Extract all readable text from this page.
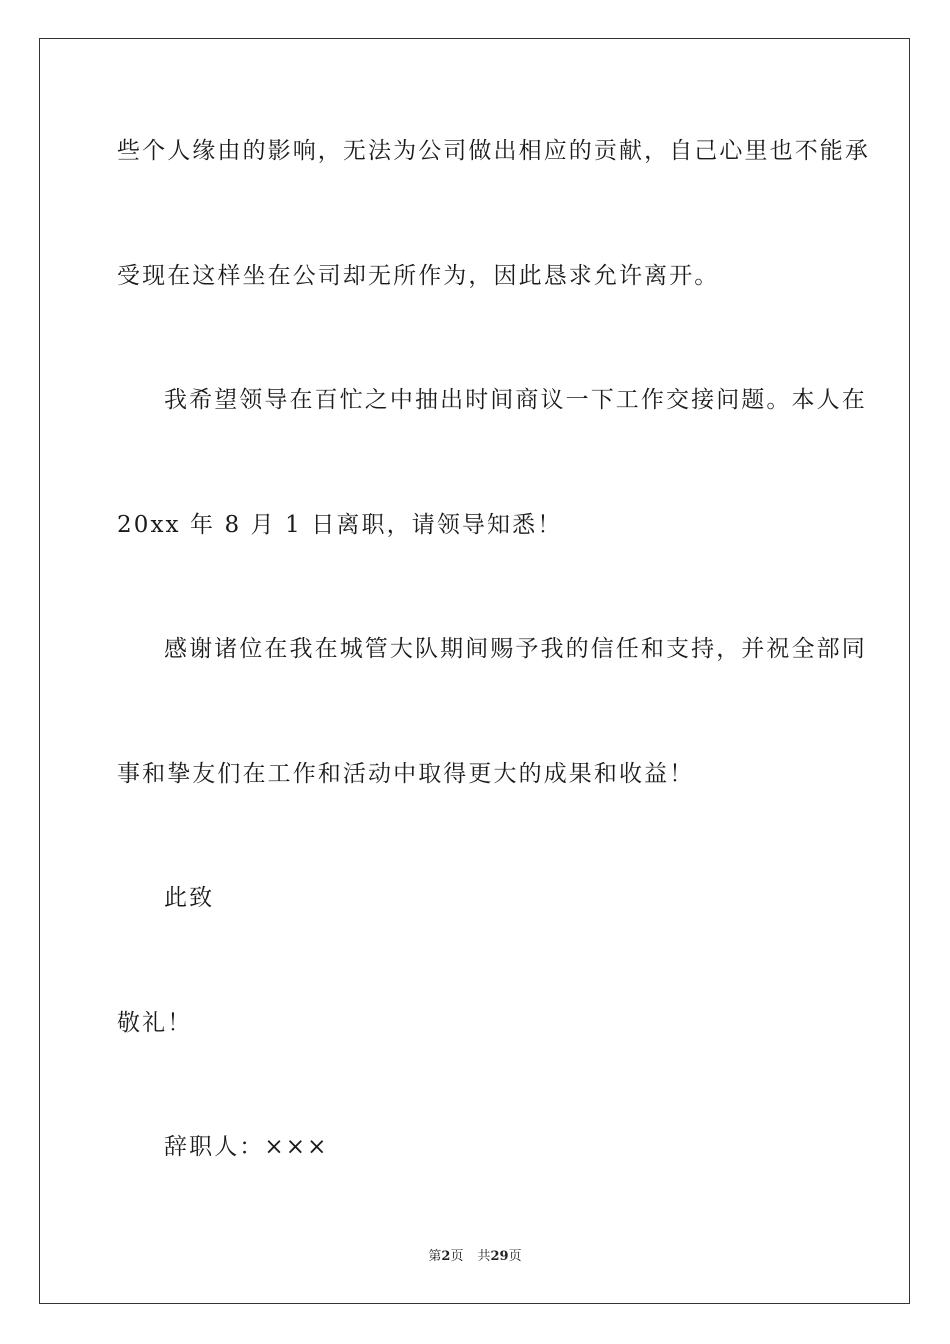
些个人缘由的影响，无法为公司做出相应的贡献，自己心里也不能承
受现在这样坐在公司却无所作为，因此恳求允许离开。
我希望领导在百忙之中抽出时间商议一下工作交接问题。本人在
20xx 年 8 月 1 日离职，请领导知悉！
感谢诸位在我在城管大队期间赐予我的信任和支持，并祝全部同
事和挚友们在工作和活动中取得更大的成果和收益！
此致
敬礼！
辞职人：×××
第2页 共29页
